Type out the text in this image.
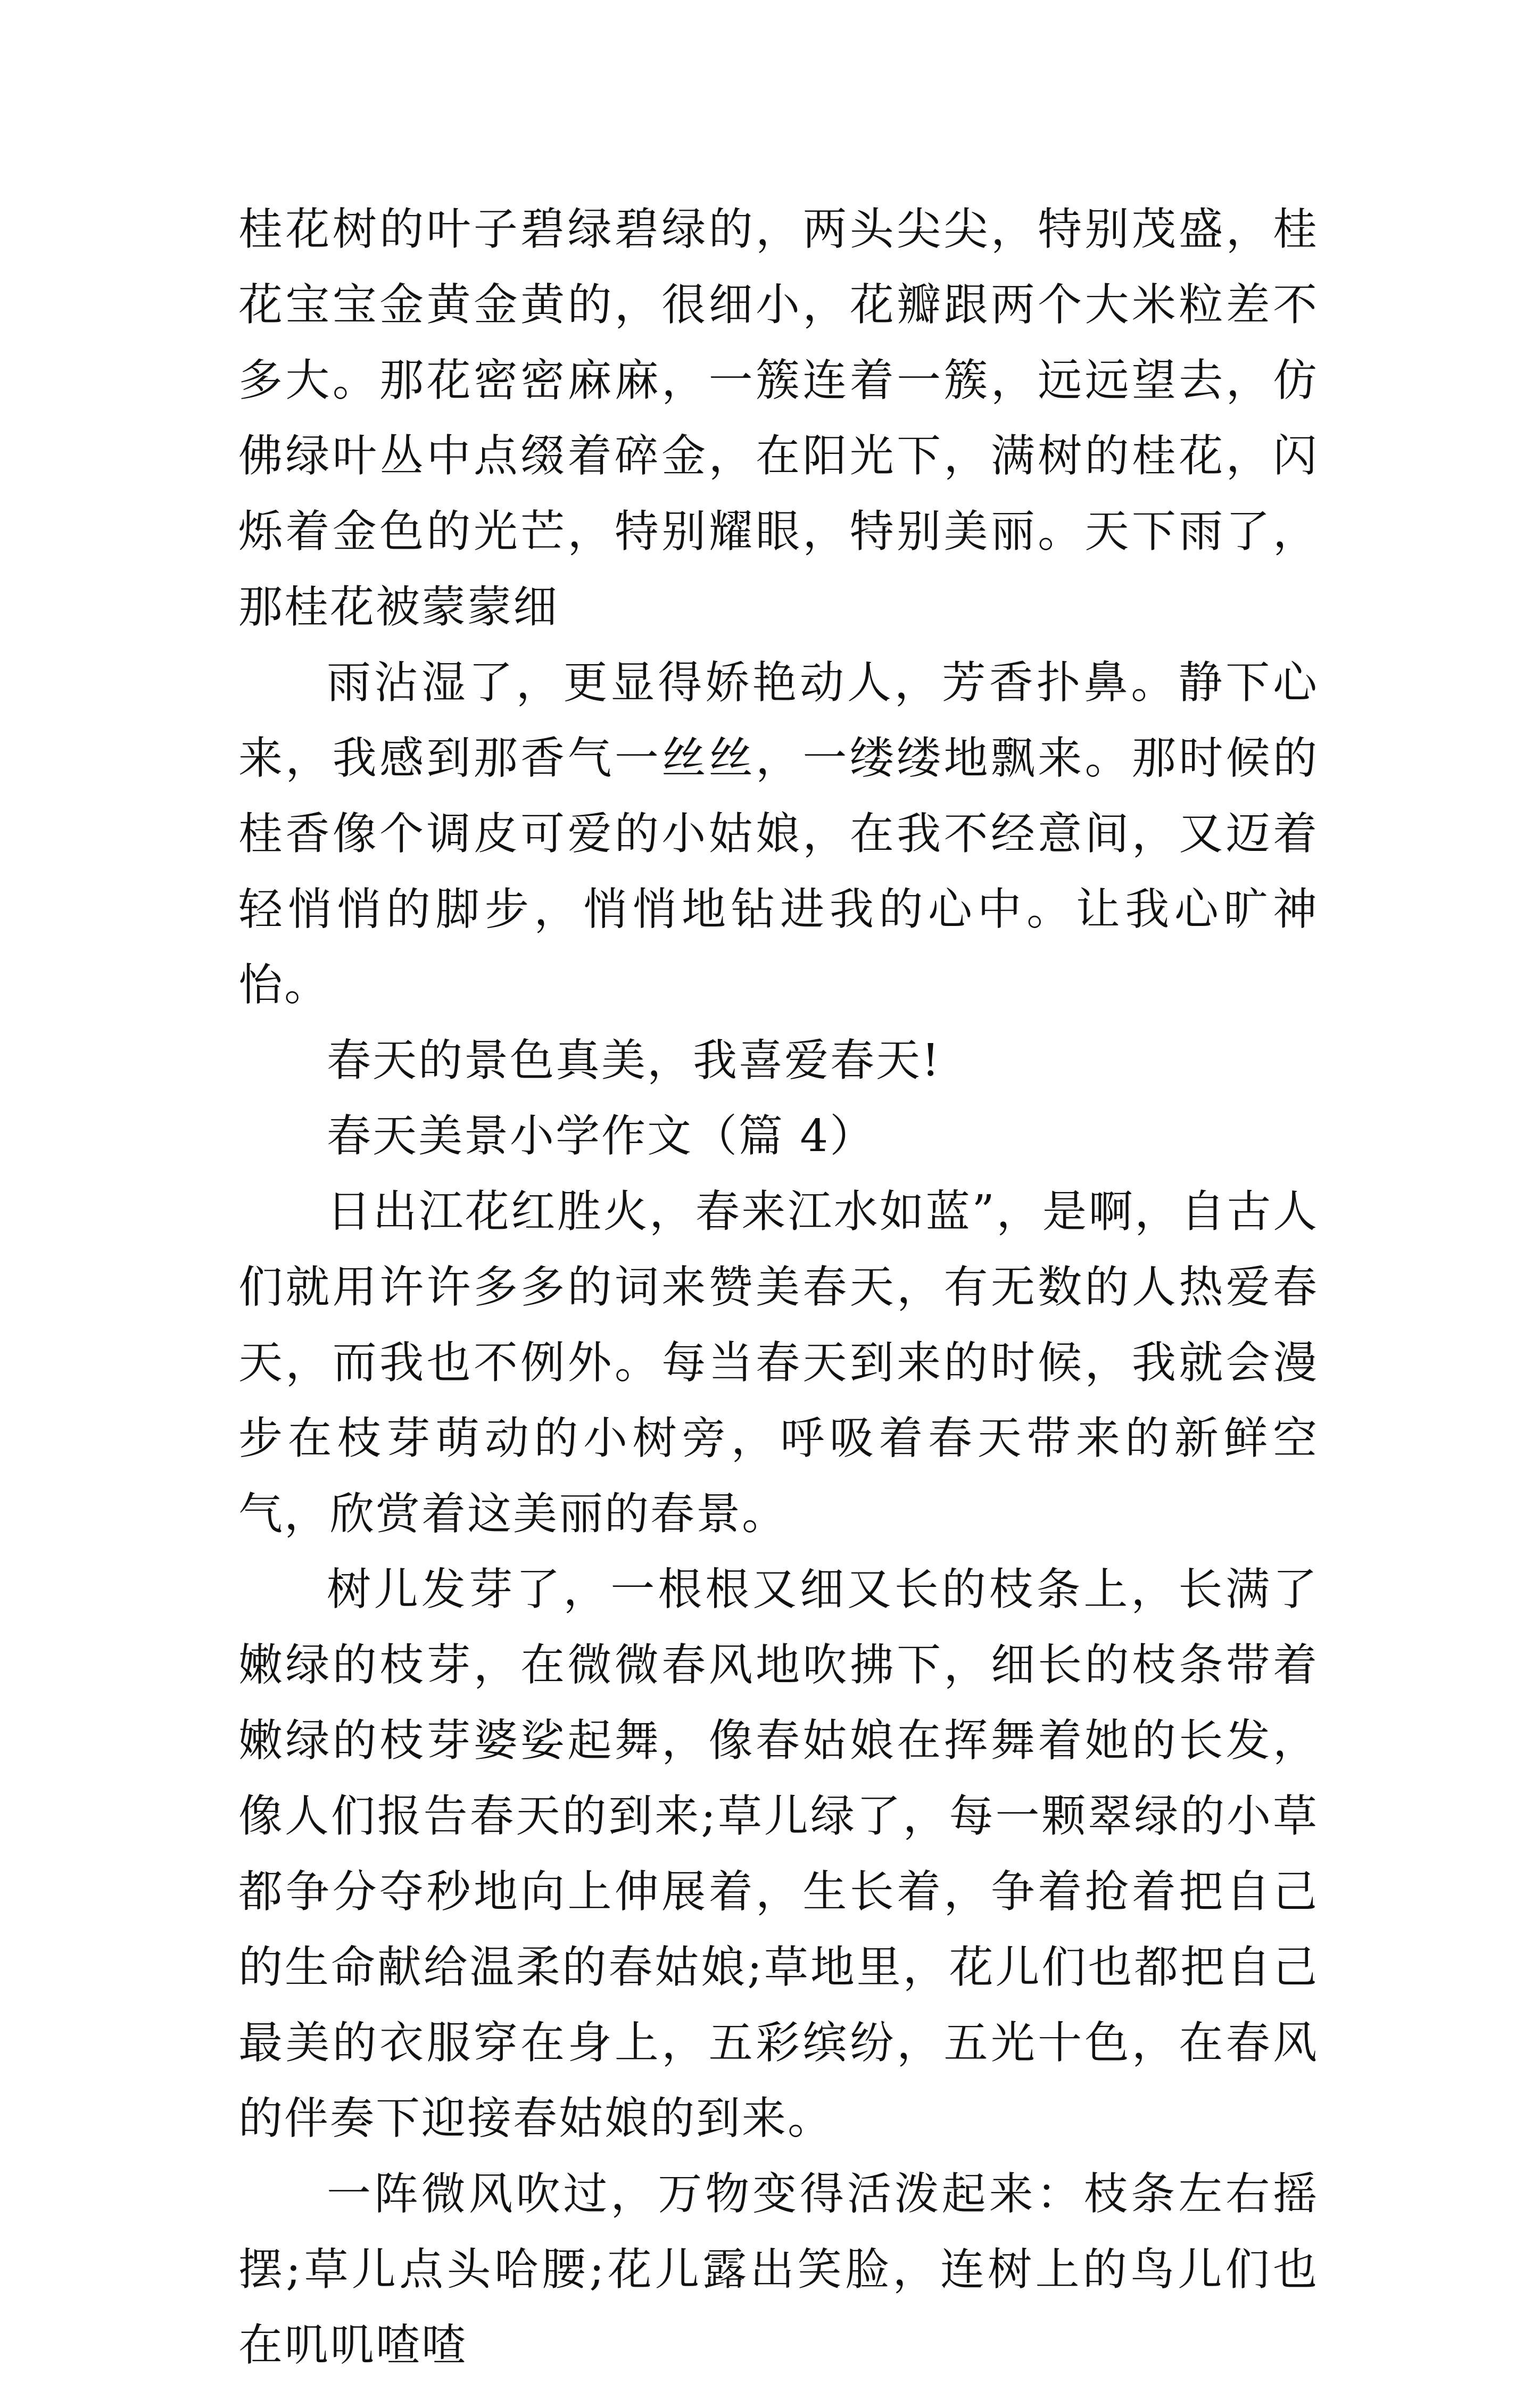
桂花树的叶子碧绿碧绿的，两头尖尖，特别茂盛，桂花宝宝金黄金黄的，很细小，花瓣跟两个大米粒差不多大。那花密密麻麻，一簇连着一簇，远远望去，仿佛绿叶丛中点缀着碎金，在阳光下，满树的桂花，闪烁着金色的光芒，特别耀眼，特别美丽。天下雨了，那桂花被蒙蒙细

雨沾湿了，更显得娇艳动人，芳香扑鼻。静下心来，我感到那香气一丝丝，一缕缕地飘来。那时候的桂香像个调皮可爱的小姑娘，在我不经意间，又迈着轻悄悄的脚步，悄悄地钻进我的心中。让我心旷神怡。

春天的景色真美，我喜爱春天!

春天美景小学作文（篇 4）

日出江花红胜火，春来江水如蓝”，是啊，自古人们就用许许多多的词来赞美春天，有无数的人热爱春天，而我也不例外。每当春天到来的时候，我就会漫步在枝芽萌动的小树旁，呼吸着春天带来的新鲜空气，欣赏着这美丽的春景。

树儿发芽了，一根根又细又长的枝条上，长满了嫩绿的枝芽，在微微春风地吹拂下，细长的枝条带着嫩绿的枝芽婆娑起舞，像春姑娘在挥舞着她的长发，像人们报告春天的到来;草儿绿了，每一颗翠绿的小草都争分夺秒地向上伸展着，生长着，争着抢着把自己的生命献给温柔的春姑娘;草地里，花儿们也都把自己最美的衣服穿在身上，五彩缤纷，五光十色，在春风的伴奏下迎接春姑娘的到来。

一阵微风吹过，万物变得活泼起来：枝条左右摇摆;草儿点头哈腰;花儿露出笑脸，连树上的鸟儿们也在叽叽喳喳
